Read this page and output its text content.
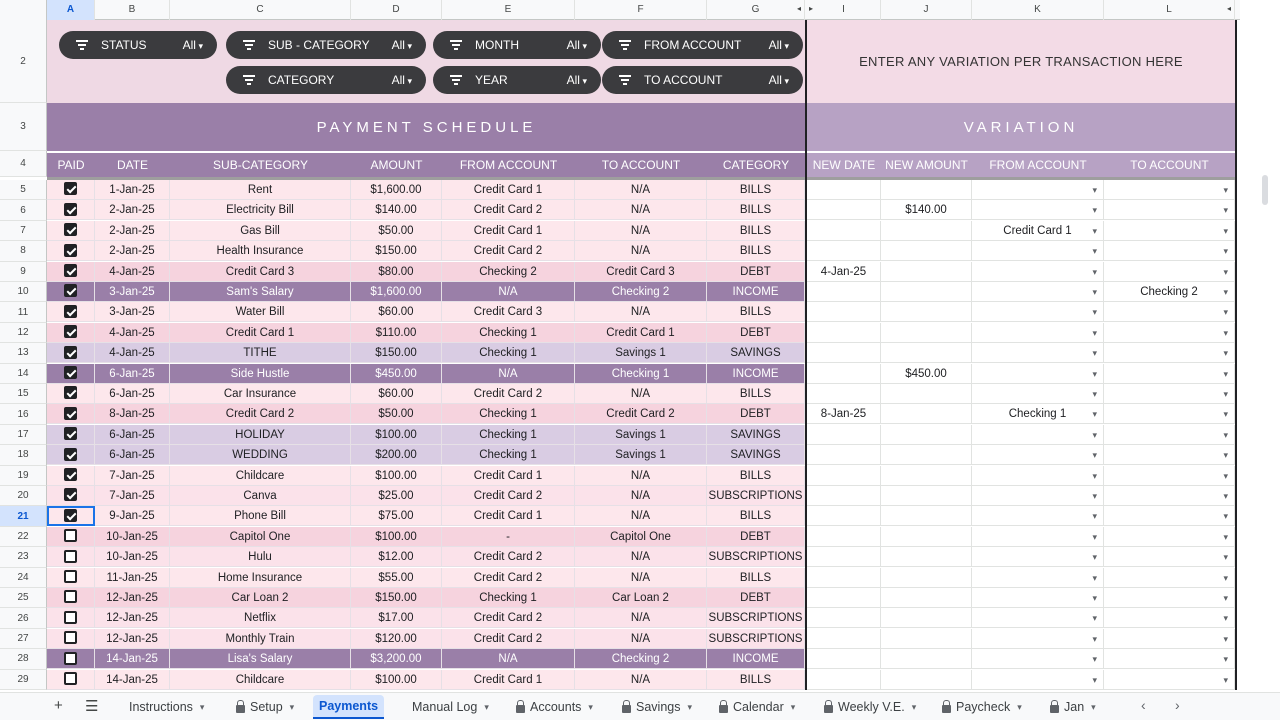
A	B	C	D	E	F	G	I	J	K	L
◂ ▸	◂
STATUS	All ▾	SUB - CATEGORY	All ▾	MONTH	All ▾	FROM ACCOUNT	All ▾
CATEGORY	All ▾	YEAR	All ▾	TO ACCOUNT	All ▾
ENTER ANY VARIATION PER TRANSACTION HERE
PAYMENT SCHEDULE	VARIATION
PAID	DATE	SUB-CATEGORY	AMOUNT	FROM ACCOUNT	TO ACCOUNT	CATEGORY	NEW DATE NEW AMOUNT	FROM ACCOUNT	TO ACCOUNT
1-Jan-25	Rent	$1,600.00	Credit Card 1	N/A	BILLS
▾
▾
2-Jan-25	Electricity Bill	$140.00	Credit Card 2	N/A	BILLS	$140.00
▾
▾
2-Jan-25	Gas Bill	$50.00	Credit Card 1	N/A	BILLS	Credit Card 1 ▾
▾
2-Jan-25	Health Insurance	$150.00	Credit Card 2	N/A	BILLS
▾
▾
4-Jan-25	Credit Card 3	$80.00	Checking 2	Credit Card 3	DEBT	4-Jan-25
▾
▾
3-Jan-25	Sam's Salary	$1,600.00	N/A	Checking 2	INCOME
▾	Checking 2 ▾
3-Jan-25	Water Bill	$60.00	Credit Card 3	N/A	BILLS
▾
▾
4-Jan-25	Credit Card 1	$110.00	Checking 1	Credit Card 1	DEBT
▾
▾
4-Jan-25	TITHE	$150.00	Checking 1	Savings 1	SAVINGS
▾
▾
6-Jan-25	Side Hustle	$450.00	N/A	Checking 1	INCOME	$450.00
▾
▾
6-Jan-25	Car Insurance	$60.00	Credit Card 2	N/A	BILLS
▾
▾
8-Jan-25	Credit Card 2	$50.00	Checking 1	Credit Card 2	DEBT	8-Jan-25	Checking 1 ▾
▾
6-Jan-25	HOLIDAY	$100.00	Checking 1	Savings 1	SAVINGS
▾
▾
6-Jan-25	WEDDING	$200.00	Checking 1	Savings 1	SAVINGS
▾
▾
7-Jan-25	Childcare	$100.00	Credit Card 1	N/A	BILLS
▾
▾
7-Jan-25	Canva	$25.00	Credit Card 2	N/A	SUBSCRIPTIONS
▾
▾
9-Jan-25	Phone Bill	$75.00	Credit Card 1	N/A	BILLS
▾
▾
10-Jan-25	Capitol One	$100.00	-	Capitol One	DEBT
▾
▾
10-Jan-25	Hulu	$12.00	Credit Card 2	N/A	SUBSCRIPTIONS
▾
▾
11-Jan-25	Home Insurance	$55.00	Credit Card 2	N/A	BILLS
▾
▾
12-Jan-25	Car Loan 2	$150.00	Checking 1	Car Loan 2	DEBT
▾
▾
12-Jan-25	Netflix	$17.00	Credit Card 2	N/A	SUBSCRIPTIONS
▾
▾
12-Jan-25	Monthly Train	$120.00	Credit Card 2	N/A	SUBSCRIPTIONS
▾
▾
14-Jan-25	Lisa's Salary	$3,200.00	N/A	Checking 2	INCOME
▾
▾
14-Jan-25	Childcare	$100.00	Credit Card 1	N/A	BILLS
▾
▾
2
3
4
5
6
7
8
9
10
11
12
13
14
15
16
17
18
19
20
21
22
23
24
25
26
27
28
29
+ ☰ Instructions ▾	Setup ▾ Payments	Manual Log ▾	Accounts ▾	Savings ▾	Calendar ▾	Weekly V.E. ▾	Paycheck ▾	Jan ▾	‹ ›
